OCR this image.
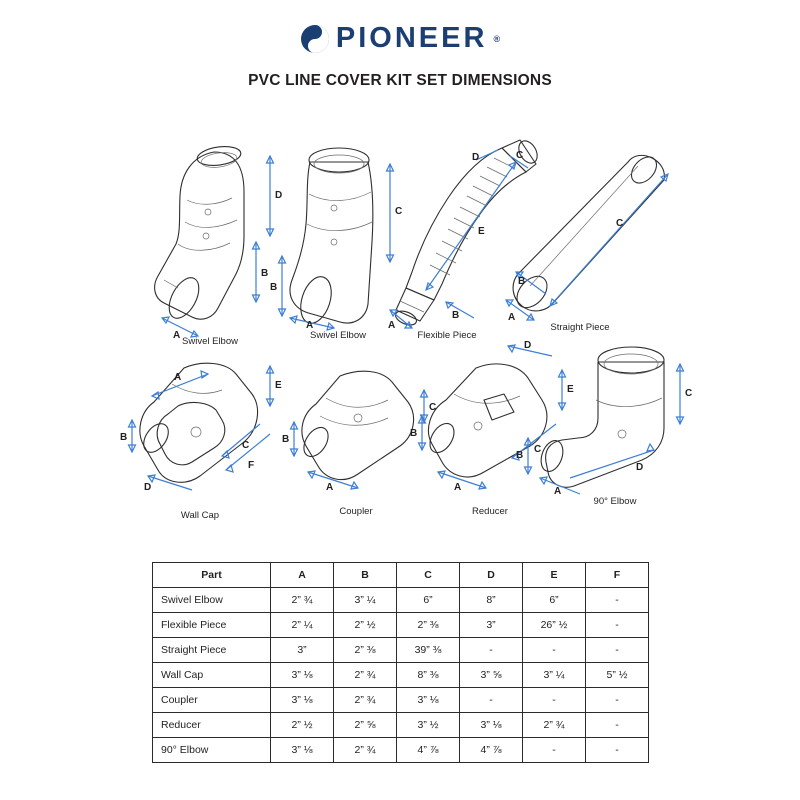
PIONEER ®
PVC LINE COVER KIT SET DIMENSIONS
A
B
D
Swivel Elbow
A
B
C
Swivel Elbow
A
B
C
D
E
Flexible Piece
A
B
C
Straight Piece
A
B
C
D
E
F
Wall Cap
A
B
C
Coupler
A
B
C
D
E
Reducer
A
B
C
D
90° Elbow
Part	A	B	C	D	E	F
Swivel Elbow	2” ¾	3” ¼	6”	8”	6”	-
Flexible Piece	2” ¼	2” ½	2” ⅜	3”	26” ½	-
Straight Piece	3”	2” ⅜	39” ⅜	-	-	-
Wall Cap	3” ⅛	2” ¾	8” ⅜	3” ⅝	3” ¼	5” ½
Coupler	3” ⅛	2” ¾	3” ⅛	-	-	-
Reducer	2” ½	2” ⅝	3” ½	3” ⅛	2” ¾	-
90° Elbow	3” ⅛	2” ¾	4” ⅞	4” ⅞	-	-
